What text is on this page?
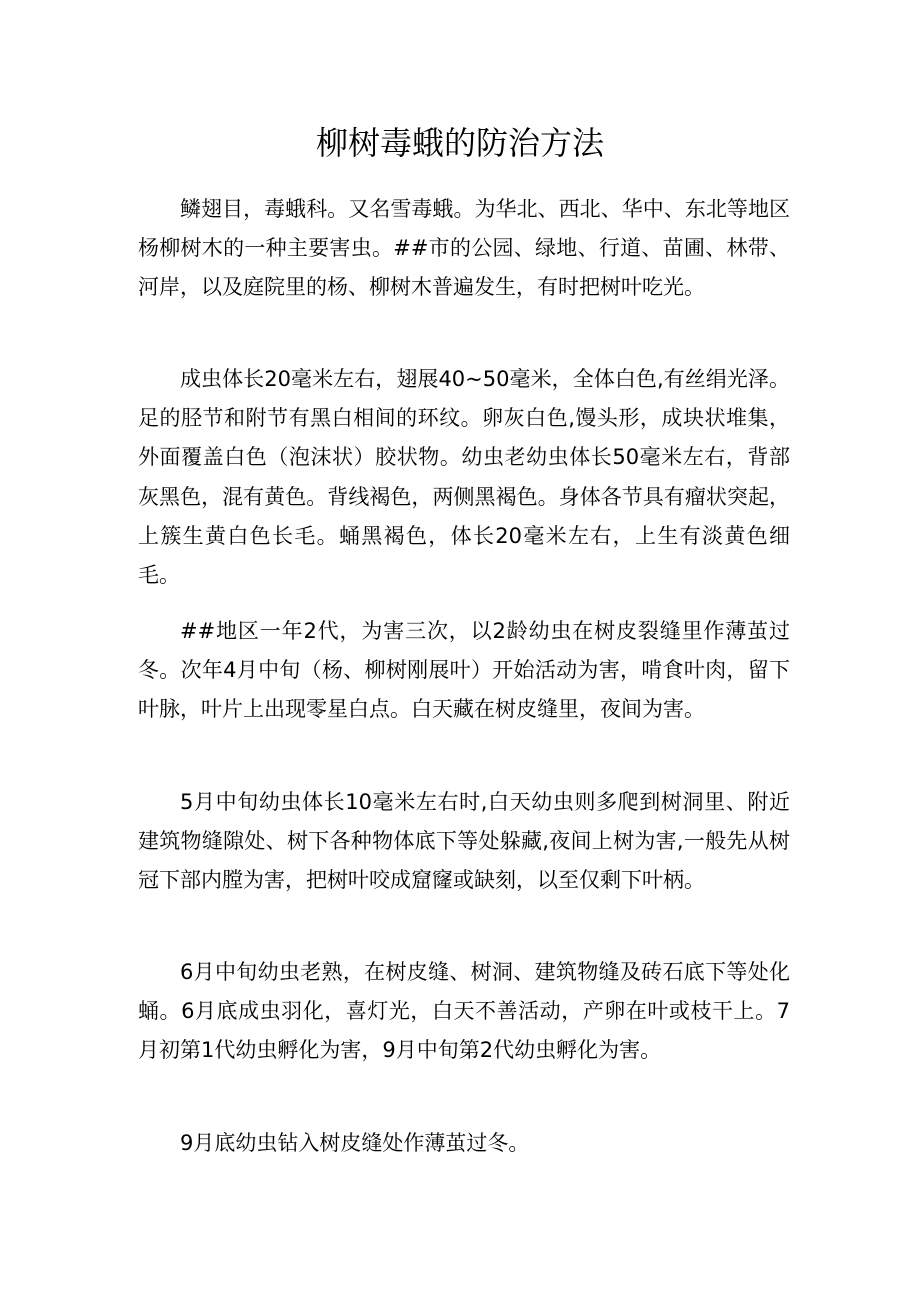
柳树毒蛾的防治方法

鳞翅目，毒蛾科。又名雪毒蛾。为华北、西北、华中、东北等地区杨柳树木的一种主要害虫。##市的公园、绿地、行道、苗圃、林带、河岸，以及庭院里的杨、柳树木普遍发生，有时把树叶吃光。

成虫体长20毫米左右，翅展40~50毫米，全体白色,有丝绢光泽。足的胫节和附节有黑白相间的环纹。卵灰白色,馒头形，成块状堆集，外面覆盖白色（泡沫状）胶状物。幼虫老幼虫体长50毫米左右，背部灰黑色，混有黄色。背线褐色，两侧黑褐色。身体各节具有瘤状突起，上簇生黄白色长毛。蛹黑褐色，体长20毫米左右，上生有淡黄色细毛。

##地区一年2代，为害三次，以2龄幼虫在树皮裂缝里作薄茧过冬。次年4月中旬（杨、柳树刚展叶）开始活动为害，啃食叶肉，留下叶脉，叶片上出现零星白点。白天藏在树皮缝里，夜间为害。

5月中旬幼虫体长10毫米左右时,白天幼虫则多爬到树洞里、附近建筑物缝隙处、树下各种物体底下等处躲藏,夜间上树为害,一般先从树冠下部内膛为害，把树叶咬成窟窿或缺刻，以至仅剩下叶柄。

6月中旬幼虫老熟，在树皮缝、树洞、建筑物缝及砖石底下等处化蛹。6月底成虫羽化，喜灯光，白天不善活动，产卵在叶或枝干上。7月初第1代幼虫孵化为害，9月中旬第2代幼虫孵化为害。

9月底幼虫钻入树皮缝处作薄茧过冬。
